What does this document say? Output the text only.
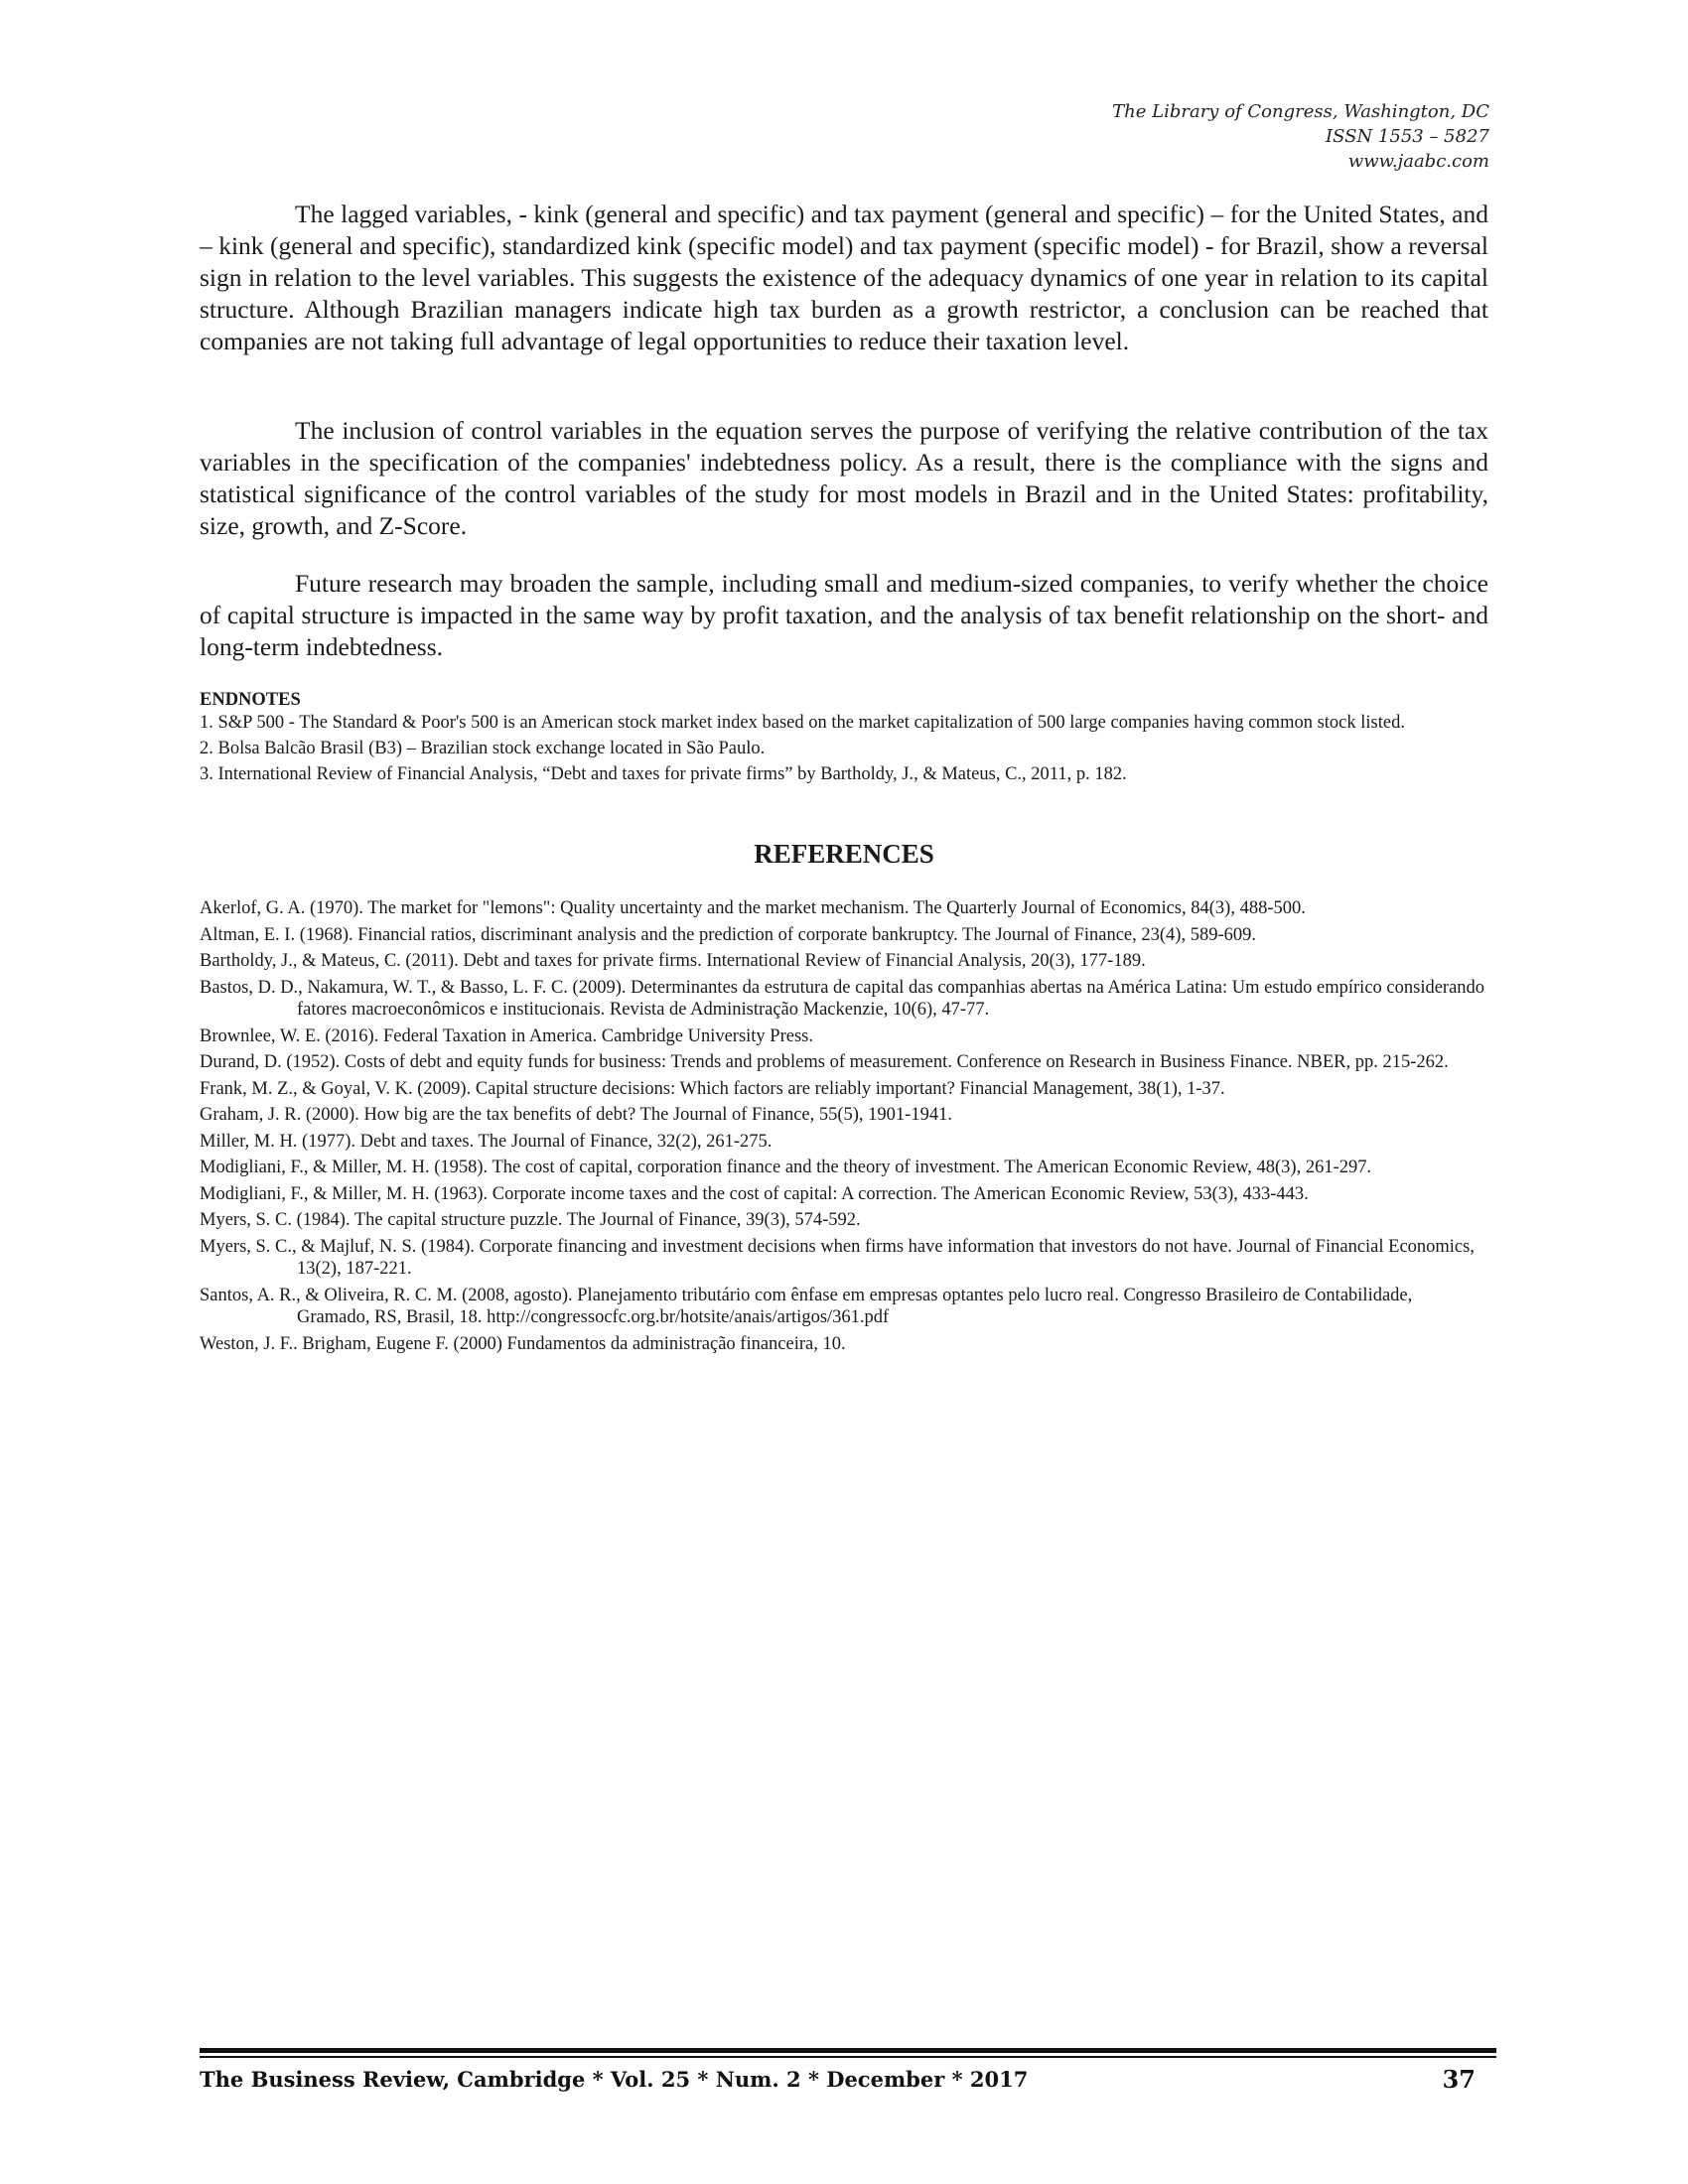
The Library of Congress, Washington, DC
ISSN 1553 – 5827
www.jaabc.com

The lagged variables, - kink (general and specific) and tax payment (general and specific) – for the United States, and – kink (general and specific), standardized kink (specific model) and tax payment (specific model) - for Brazil, show a reversal sign in relation to the level variables. This suggests the existence of the adequacy dynamics of one year in relation to its capital structure. Although Brazilian managers indicate high tax burden as a growth restrictor, a conclusion can be reached that companies are not taking full advantage of legal opportunities to reduce their taxation level.

The inclusion of control variables in the equation serves the purpose of verifying the relative contribution of the tax variables in the specification of the companies' indebtedness policy. As a result, there is the compliance with the signs and statistical significance of the control variables of the study for most models in Brazil and in the United States: profitability, size, growth, and Z-Score.

Future research may broaden the sample, including small and medium-sized companies, to verify whether the choice of capital structure is impacted in the same way by profit taxation, and the analysis of tax benefit relationship on the short- and long-term indebtedness.

ENDNOTES
1. S&P 500 - The Standard & Poor's 500 is an American stock market index based on the market capitalization of 500 large companies having common stock listed.
2. Bolsa Balcão Brasil (B3) – Brazilian stock exchange located in São Paulo.
3. International Review of Financial Analysis, “Debt and taxes for private firms” by Bartholdy, J., & Mateus, C., 2011, p. 182.
REFERENCES
Akerlof, G. A. (1970). The market for "lemons": Quality uncertainty and the market mechanism. The Quarterly Journal of Economics, 84(3), 488-500.
Altman, E. I. (1968). Financial ratios, discriminant analysis and the prediction of corporate bankruptcy. The Journal of Finance, 23(4), 589-609.
Bartholdy, J., & Mateus, C. (2011). Debt and taxes for private firms. International Review of Financial Analysis, 20(3), 177-189.
Bastos, D. D., Nakamura, W. T., & Basso, L. F. C. (2009). Determinantes da estrutura de capital das companhias abertas na América Latina: Um estudo empírico considerando fatores macroeconômicos e institucionais. Revista de Administração Mackenzie, 10(6), 47-77.
Brownlee, W. E. (2016). Federal Taxation in America. Cambridge University Press.
Durand, D. (1952). Costs of debt and equity funds for business: Trends and problems of measurement. Conference on Research in Business Finance. NBER, pp. 215-262.
Frank, M. Z., & Goyal, V. K. (2009). Capital structure decisions: Which factors are reliably important? Financial Management, 38(1), 1-37.
Graham, J. R. (2000). How big are the tax benefits of debt? The Journal of Finance, 55(5), 1901-1941.
Miller, M. H. (1977). Debt and taxes. The Journal of Finance, 32(2), 261-275.
Modigliani, F., & Miller, M. H. (1958). The cost of capital, corporation finance and the theory of investment. The American Economic Review, 48(3), 261-297.
Modigliani, F., & Miller, M. H. (1963). Corporate income taxes and the cost of capital: A correction. The American Economic Review, 53(3), 433-443.
Myers, S. C. (1984). The capital structure puzzle. The Journal of Finance, 39(3), 574-592.
Myers, S. C., & Majluf, N. S. (1984). Corporate financing and investment decisions when firms have information that investors do not have. Journal of Financial Economics, 13(2), 187-221.
Santos, A. R., & Oliveira, R. C. M. (2008, agosto). Planejamento tributário com ênfase em empresas optantes pelo lucro real. Congresso Brasileiro de Contabilidade, Gramado, RS, Brasil, 18. http://congressocfc.org.br/hotsite/anais/artigos/361.pdf
Weston, J. F.. Brigham, Eugene F. (2000) Fundamentos da administração financeira, 10.
The Business Review, Cambridge * Vol. 25 * Num. 2 * December * 2017	37
